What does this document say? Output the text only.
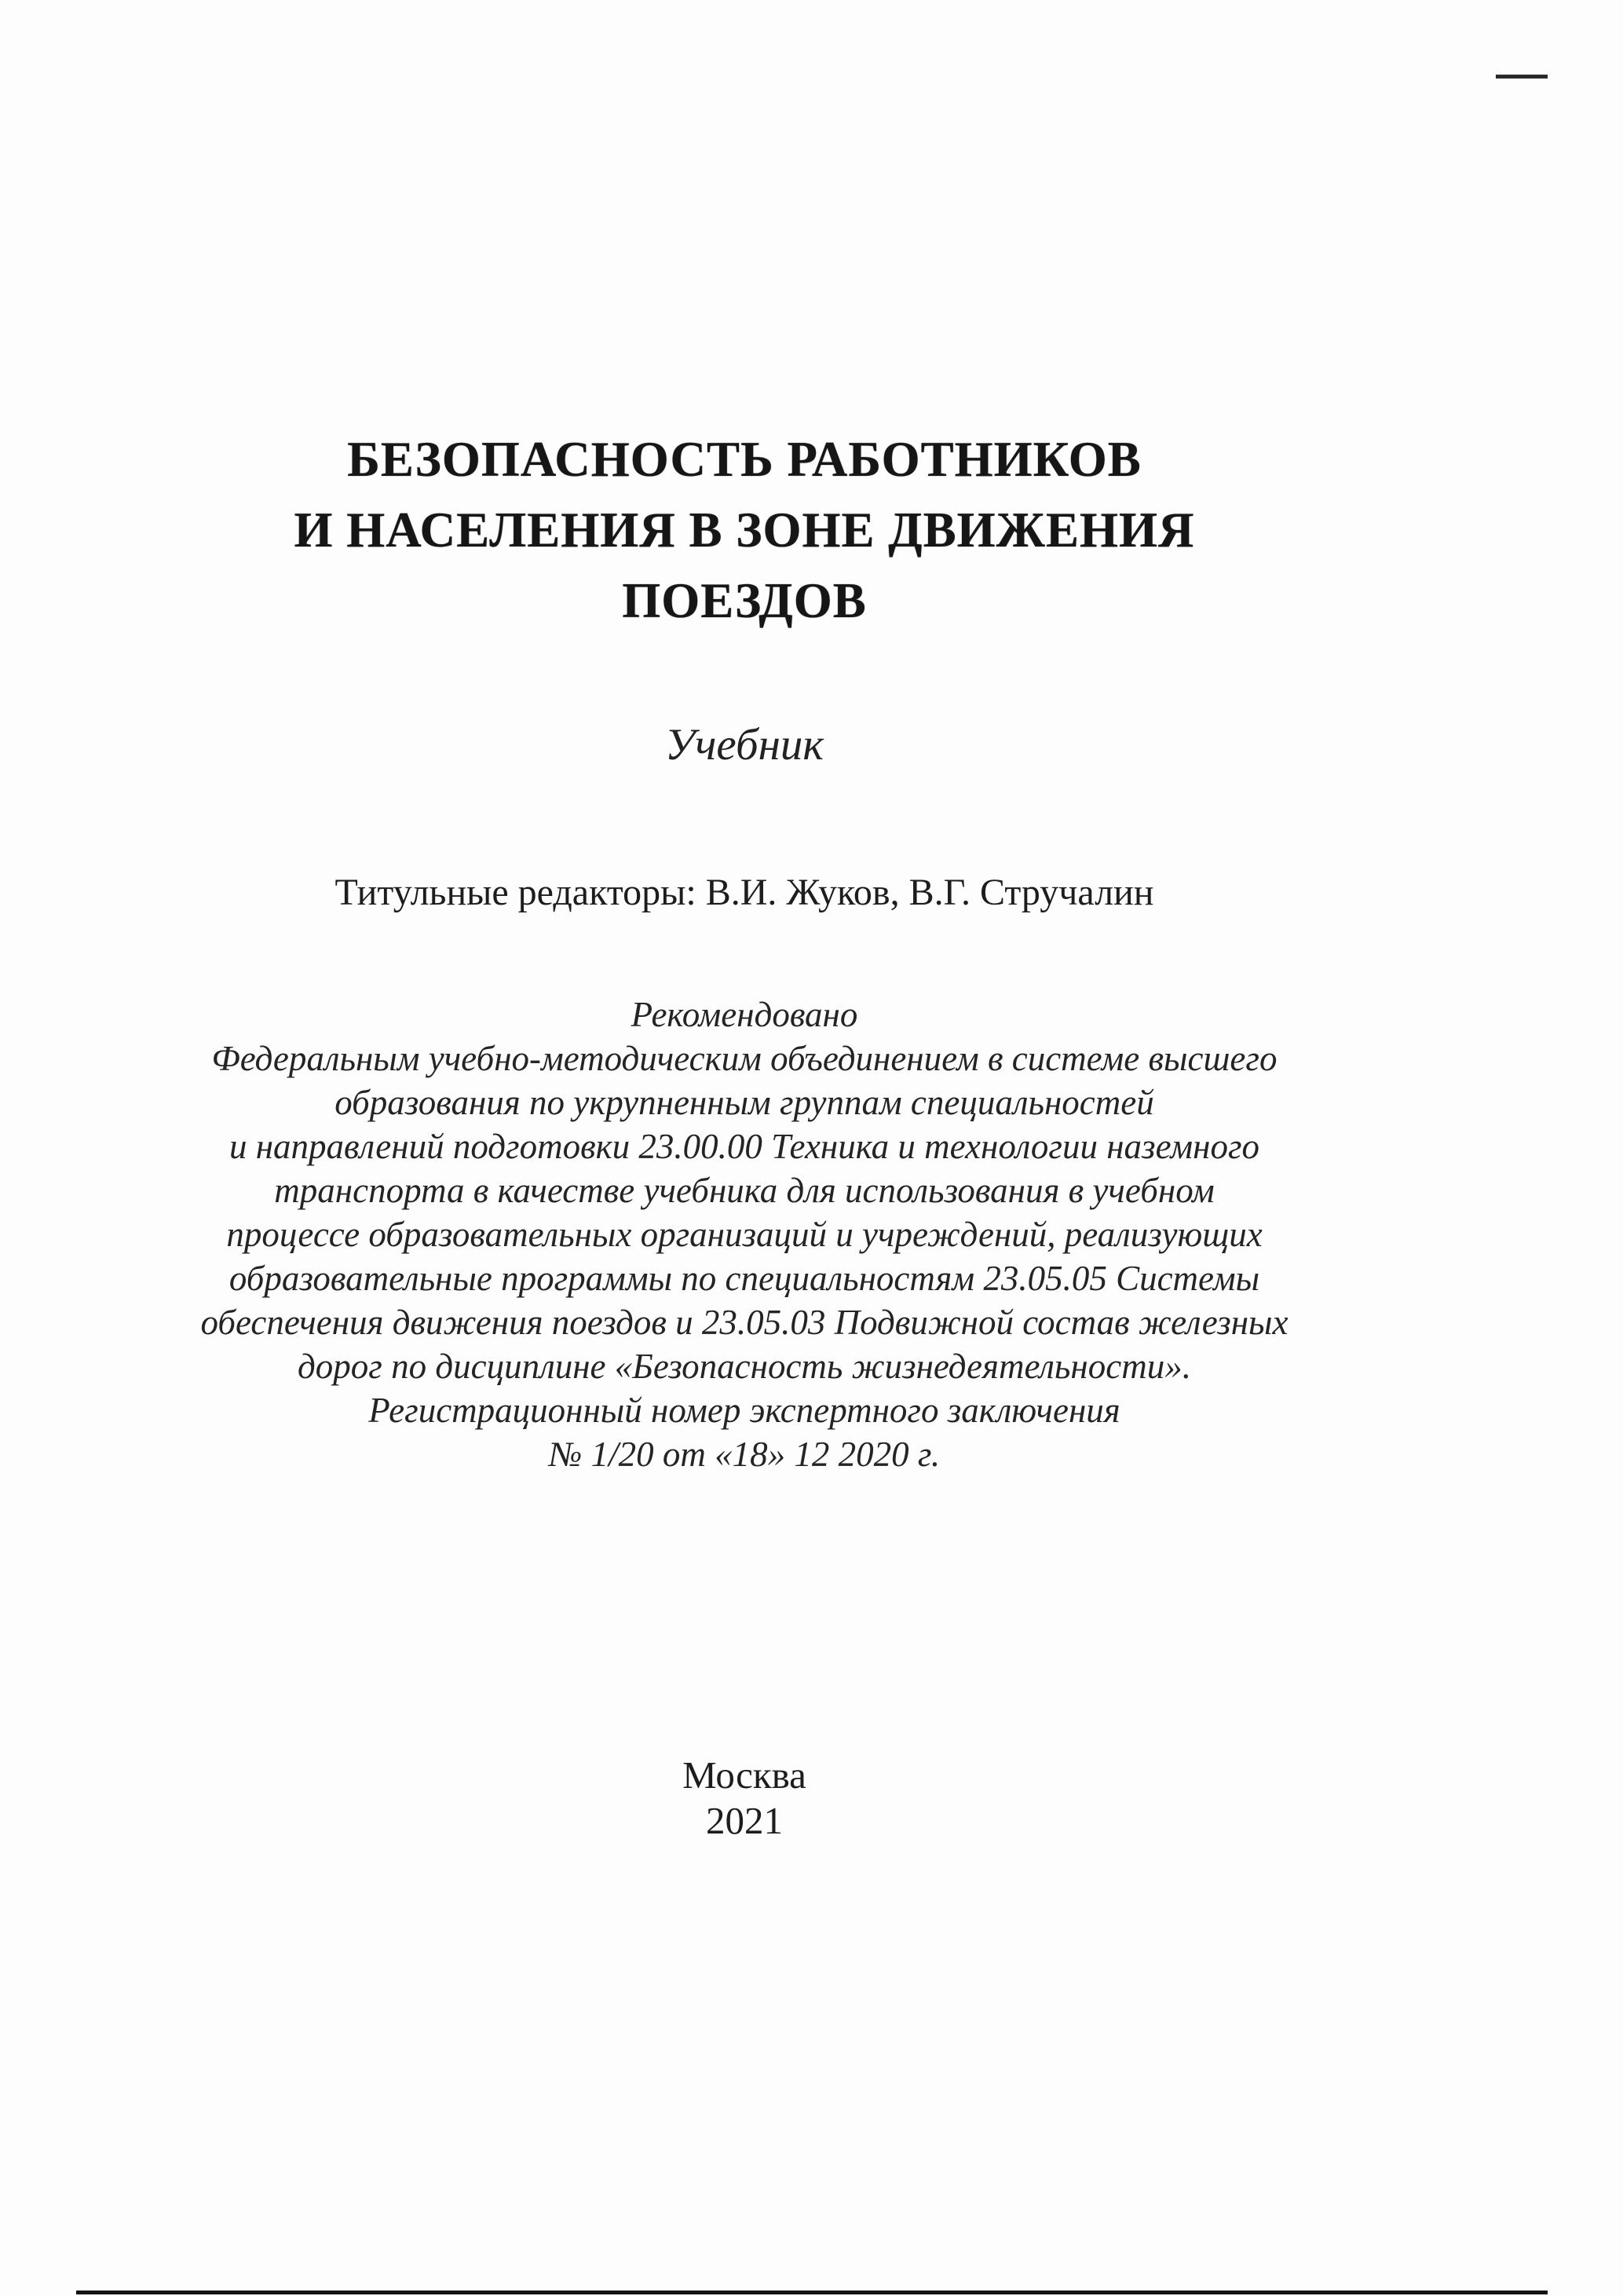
БЕЗОПАСНОСТЬ РАБОТНИКОВ
И НАСЕЛЕНИЯ В ЗОНЕ ДВИЖЕНИЯ
ПОЕЗДОВ
Учебник
Титульные редакторы: В.И. Жуков, В.Г. Стручалин
Рекомендовано
Федеральным учебно-методическим объединением в системе высшего
образования по укрупненным группам специальностей
и направлений подготовки 23.00.00 Техника и технологии наземного
транспорта в качестве учебника для использования в учебном
процессе образовательных организаций и учреждений, реализующих
образовательные программы по специальностям 23.05.05 Системы
обеспечения движения поездов и 23.05.03 Подвижной состав железных
дорог по дисциплине «Безопасность жизнедеятельности».
Регистрационный номер экспертного заключения
№ 1/20 от «18» 12 2020 г.
Москва
2021
